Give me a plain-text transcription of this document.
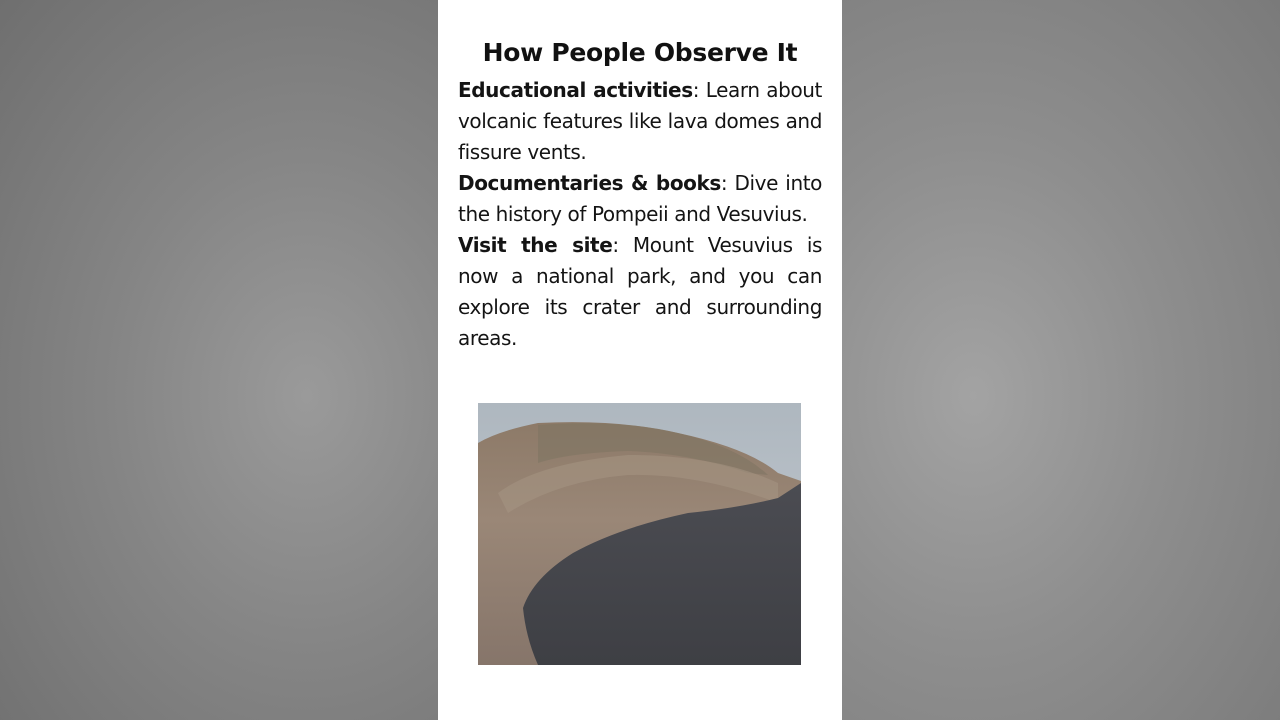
How People Observe It

Educational activities: Learn about volcanic features like lava domes and fissure vents.

Documentaries & books: Dive into the history of Pompeii and Vesuvius.

Visit the site: Mount Vesuvius is now a national park, and you can explore its crater and surrounding areas.
